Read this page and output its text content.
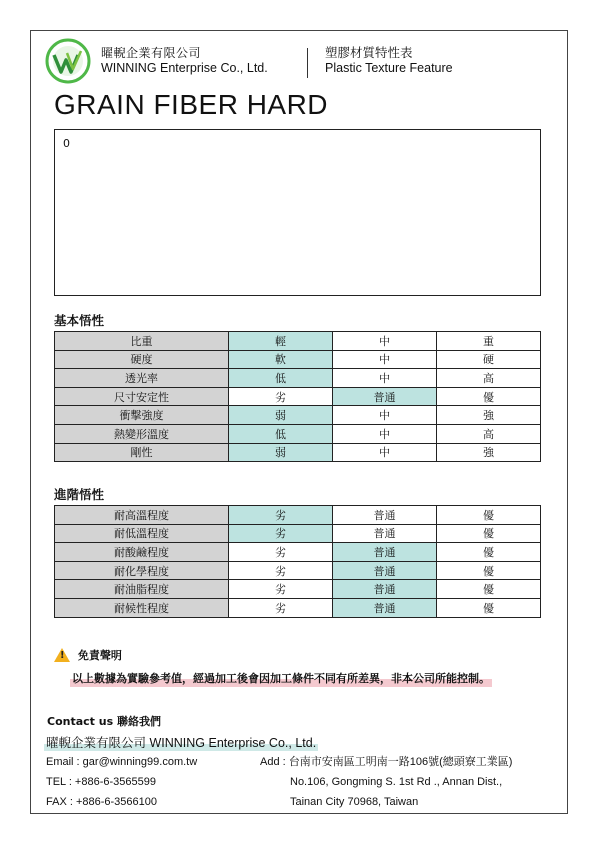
曜輗企業有限公司
WINNING Enterprise Co., Ltd.
塑膠材質特性表
Plastic Texture Feature
GRAIN FIBER HARD
0
基本悟性
比重	輕	中	重
硬度	軟	中	硬
透光率	低	中	高
尺寸安定性	劣	普通	優
衝擊強度	弱	中	強
熱變形溫度	低	中	高
剛性	弱	中	強
進階悟性
耐高溫程度	劣	普通	優
耐低溫程度	劣	普通	優
耐酸鹼程度	劣	普通	優
耐化學程度	劣	普通	優
耐油脂程度	劣	普通	優
耐候性程度	劣	普通	優
! 免責聲明
以上數據為實驗參考值，經過加工後會因加工條件不同有所差異，非本公司所能控制。
Contact us 聯絡我們
曜輗企業有限公司 WINNING Enterprise Co., Ltd.
Email : gar@winning99.com.tw
TEL : +886-6-3565599
FAX : +886-6-3566100
Add : 台南市安南區工明南一路106號(總頭寮工業區)
No.106, Gongming S. 1st Rd ., Annan Dist.,
Tainan City 70968, Taiwan
